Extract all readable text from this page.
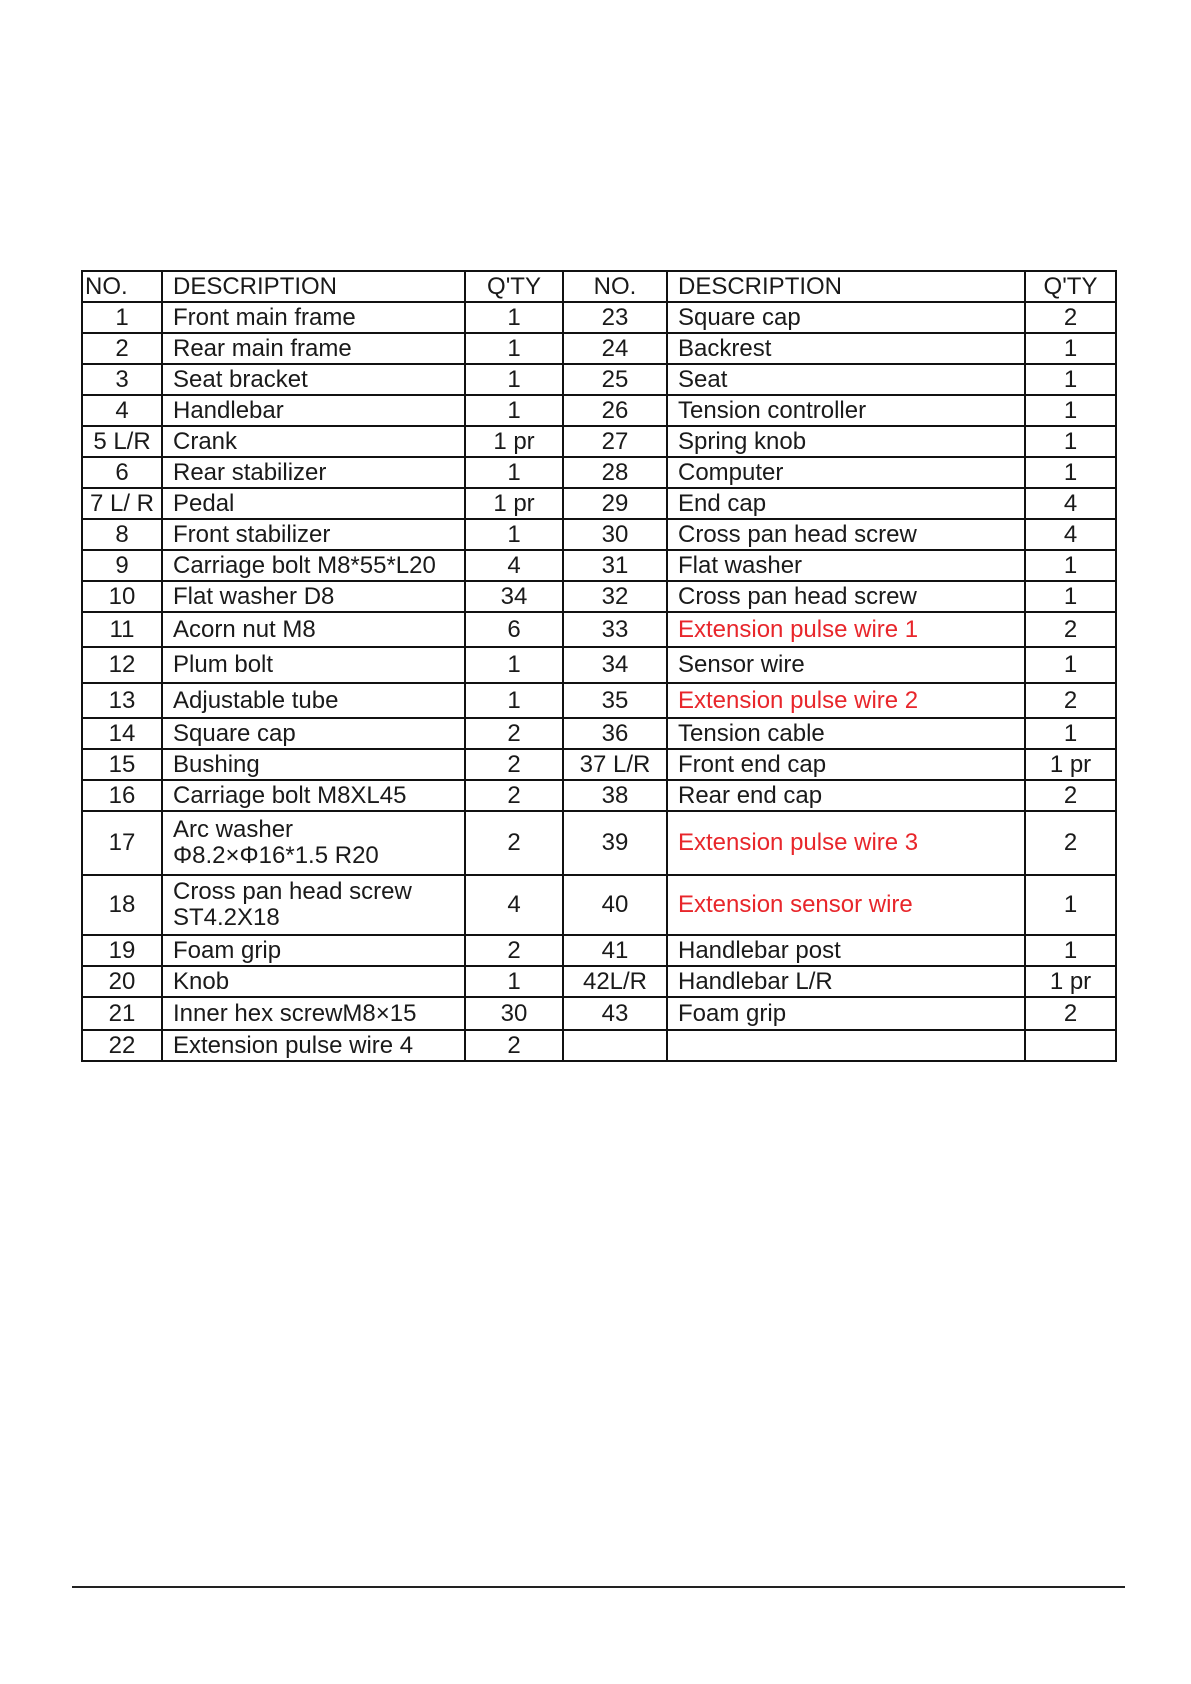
NO.	DESCRIPTION	Q'TY	NO.	DESCRIPTION	Q'TY
1	Front main frame	1	23	Square cap	2
2	Rear main frame	1	24	Backrest	1
3	Seat bracket	1	25	Seat	1
4	Handlebar	1	26	Tension controller	1
5 L/R	Crank	1 pr	27	Spring knob	1
6	Rear stabilizer	1	28	Computer	1
7 L/ R	Pedal	1 pr	29	End cap	4
8	Front stabilizer	1	30	Cross pan head screw	4
9	Carriage bolt M8*55*L20	4	31	Flat washer	1
10	Flat washer D8	34	32	Cross pan head screw	1
11	Acorn nut M8	6	33	Extension pulse wire 1	2
12	Plum bolt	1	34	Sensor wire	1
13	Adjustable tube	1	35	Extension pulse wire 2	2
14	Square cap	2	36	Tension cable	1
15	Bushing	2	37 L/R	Front end cap	1 pr
16	Carriage bolt M8XL45	2	38	Rear end cap	2
17	Arc washer
Φ8.2×Φ16*1.5 R20	2	39	Extension pulse wire 3	2
18	Cross pan head screw
ST4.2X18	4	40	Extension sensor wire	1
19	Foam grip	2	41	Handlebar post	1
20	Knob	1	42L/R	Handlebar L/R	1 pr
21	Inner hex screwM8×15	30	43	Foam grip	2
22	Extension pulse wire 4	2			
